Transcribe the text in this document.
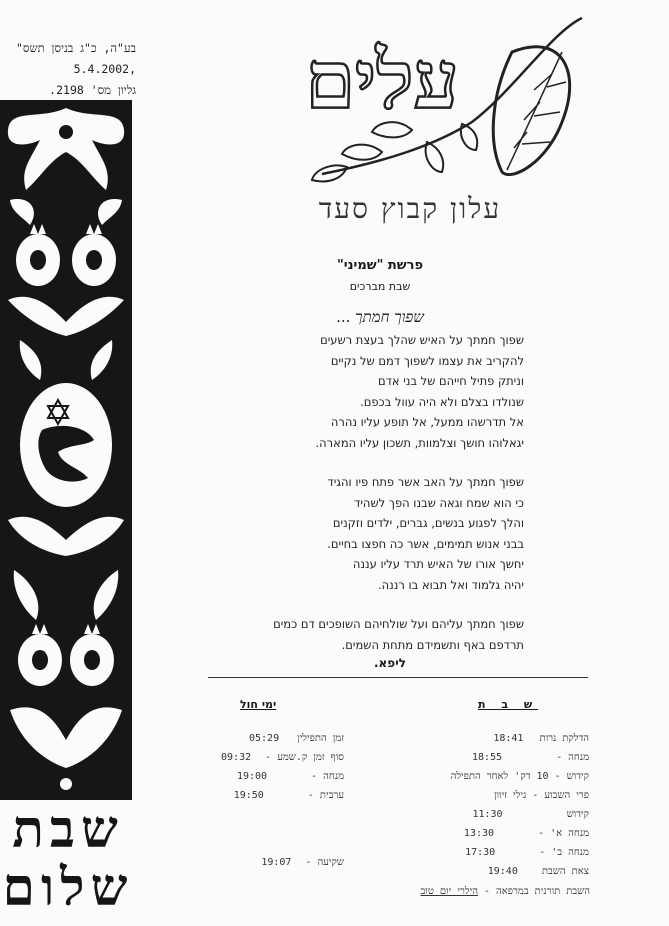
בע"ה, כ"ג בניסן תשס"
,5.4.2002
גליון מס' 2198.
שבת
שלום
עלים
עלון קבוץ סעד
פרשת "שמיני"
שבת מברכים
שפוך חמתך ...
שפוך חמתך על האיש שהלך בעצת רשעים
להקריב את עצמו לשפוך דמם של נקיים
וניתק פתיל חייהם של בני אדם
שנולדו בצלם ולא היה עוול בכפם.
אל תדרשהו ממעל, אל תופע עליו נהרה
יגאלוהו חושך וצלמוות, תשכון עליו המארה.
שפוך חמתך על האב אשר פתח פיו והגיד
כי הוא שמח וגאה שבנו הפך לשהיד
והלך לפגוע בנשים, גברים, ילדים וזקנים
בבני אנוש תמימים, אשר כה חפצו בחיים.
יחשך אורו של האיש תרד עליו עננה
יהיה גלמוד ואל תבוא בו רננה.
שפוך חמתך עליהם ועל שולחיהם השופכים דם כמים
תרדפם באף ותשמידם מתחת השמים.
ליפא.
ש ב ת
ימי חול
הדלקת נרות 18:41
מנחה - 18:55
קידוש - 10 דק' לאחר התפילה
פרי השבוע - גילי זיוון
קידוש 11:30
מנחה א' - 13:30
מנחה ב' - 17:30
צאת השבת 19:40
זמן התפילין 05:29
סוף זמן ק.שמע - 09:32
מנחה - 19:00
ערבית - 19:50
שקיעה - 19:07
השבת תורנית במרפאה - הילרי יום טוב
